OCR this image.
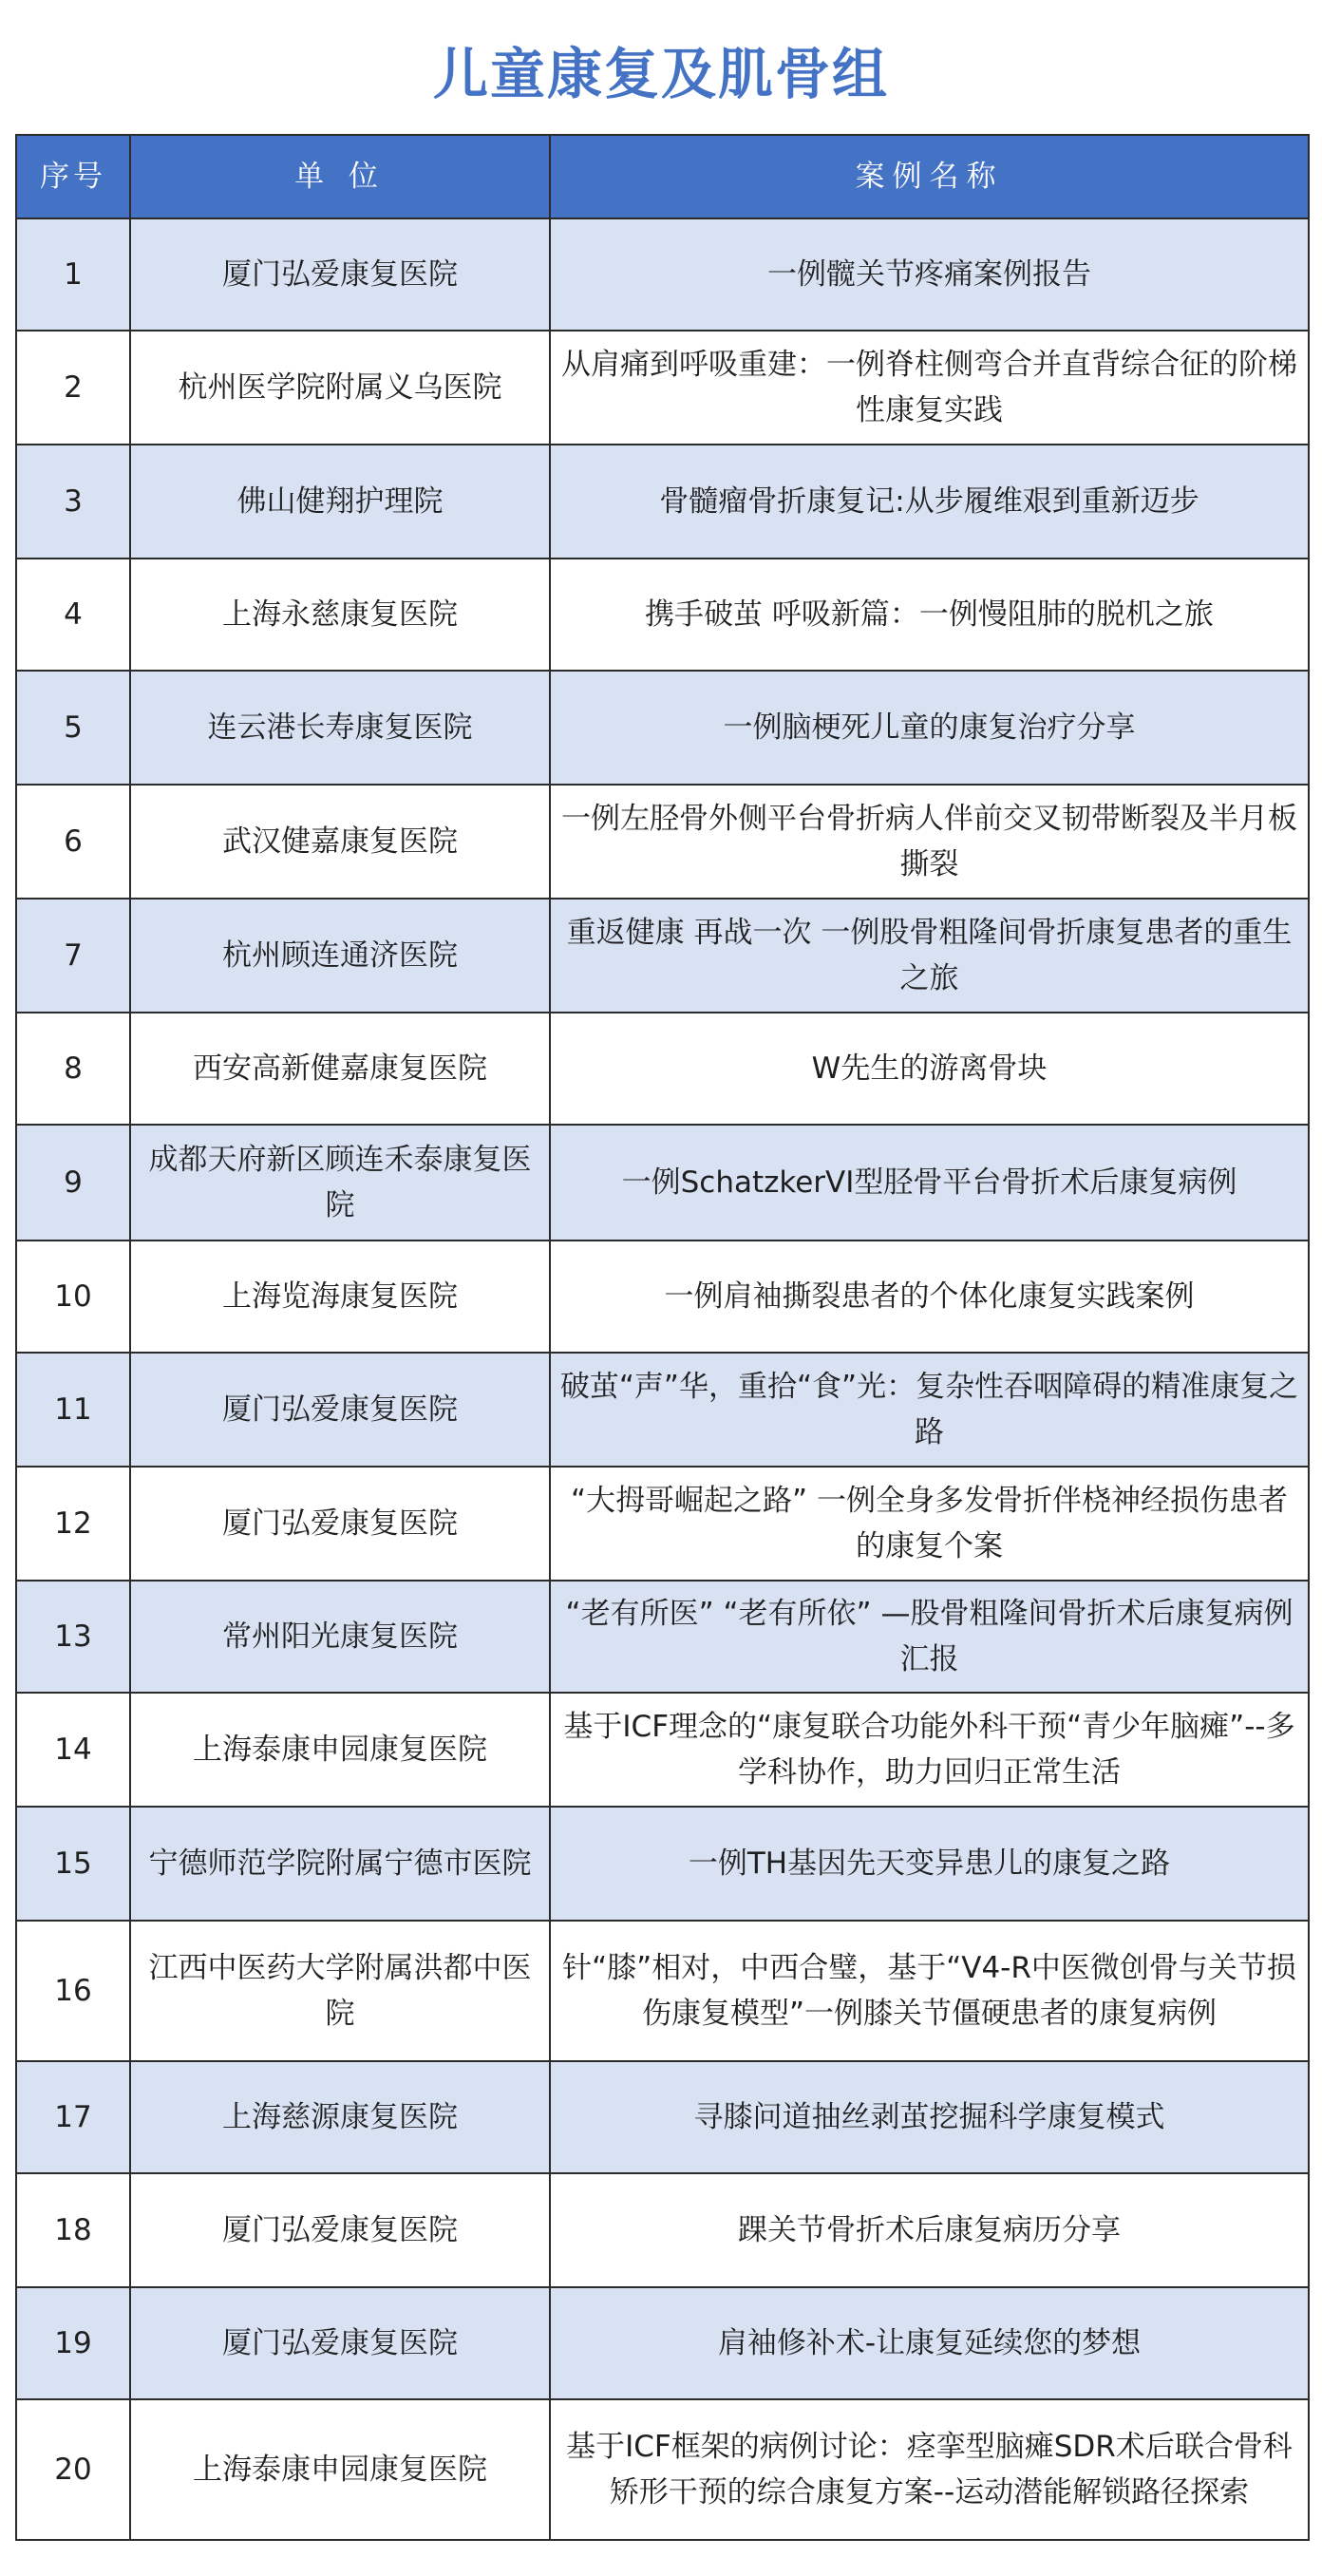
儿童康复及肌骨组
序号	单 位	案例名称
1	厦门弘爱康复医院	一例髋关节疼痛案例报告
2	杭州医学院附属义乌医院	从肩痛到呼吸重建：一例脊柱侧弯合并直背综合征的阶梯性康复实践
3	佛山健翔护理院	骨髓瘤骨折康复记:从步履维艰到重新迈步
4	上海永慈康复医院	携手破茧 呼吸新篇：一例慢阻肺的脱机之旅
5	连云港长寿康复医院	一例脑梗死儿童的康复治疗分享
6	武汉健嘉康复医院	一例左胫骨外侧平台骨折病人伴前交叉韧带断裂及半月板撕裂
7	杭州顾连通济医院	重返健康 再战一次 一例股骨粗隆间骨折康复患者的重生之旅
8	西安高新健嘉康复医院	W先生的游离骨块
9	成都天府新区顾连禾泰康复医院	一例SchatzkerVI型胫骨平台骨折术后康复病例
10	上海览海康复医院	一例肩袖撕裂患者的个体化康复实践案例
11	厦门弘爱康复医院	破茧“声”华，重拾“食”光：复杂性吞咽障碍的精准康复之路
12	厦门弘爱康复医院	“大拇哥崛起之路” 一例全身多发骨折伴桡神经损伤患者的康复个案
13	常州阳光康复医院	“老有所医” “老有所依” —股骨粗隆间骨折术后康复病例汇报
14	上海泰康申园康复医院	基于ICF理念的“康复联合功能外科干预“青少年脑瘫”--多学科协作，助力回归正常生活
15	宁德师范学院附属宁德市医院	一例TH基因先天变异患儿的康复之路
16	江西中医药大学附属洪都中医院	针“膝”相对，中西合璧，基于“V4-R中医微创骨与关节损伤康复模型”一例膝关节僵硬患者的康复病例
17	上海慈源康复医院	寻膝问道抽丝剥茧挖掘科学康复模式
18	厦门弘爱康复医院	踝关节骨折术后康复病历分享
19	厦门弘爱康复医院	肩袖修补术-让康复延续您的梦想
20	上海泰康申园康复医院	基于ICF框架的病例讨论：痉挛型脑瘫SDR术后联合骨科矫形干预的综合康复方案--运动潜能解锁路径探索
